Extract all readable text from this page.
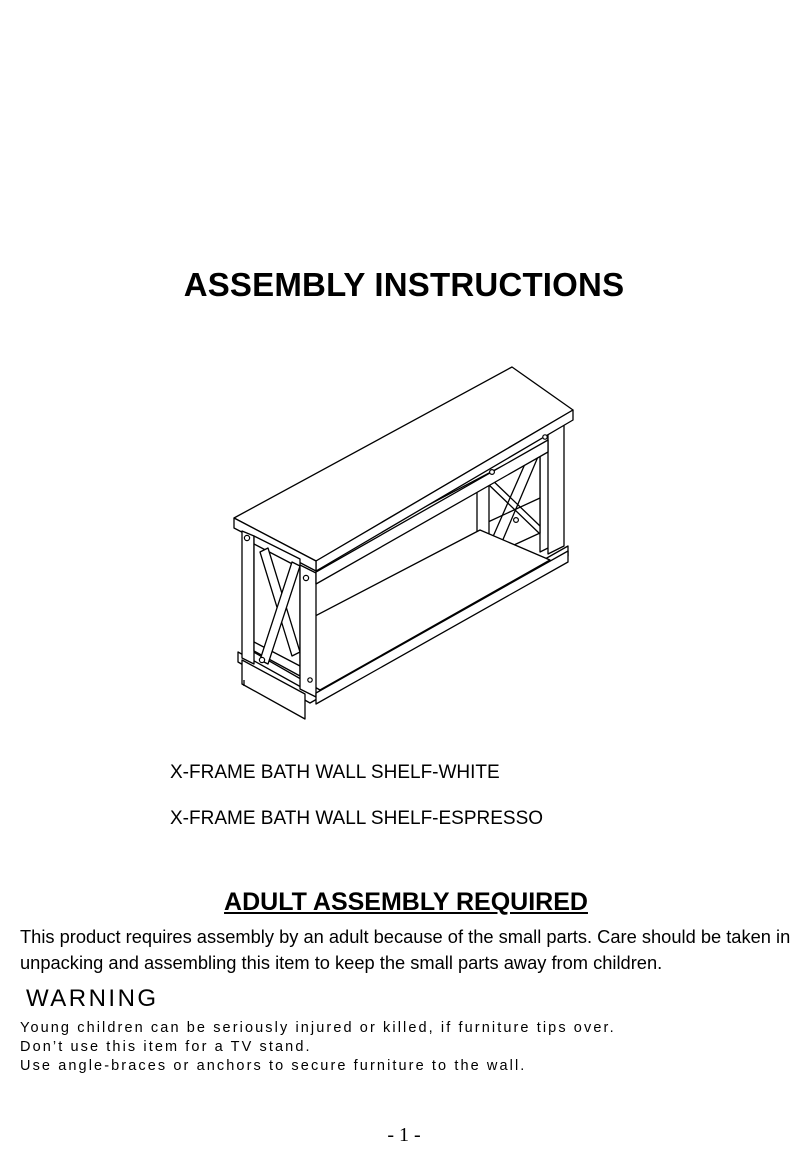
ASSEMBLY INSTRUCTIONS
X-FRAME BATH WALL SHELF-WHITE
X-FRAME BATH WALL SHELF-ESPRESSO
ADULT ASSEMBLY REQUIRED
This product requires assembly by an adult because of the small parts. Care should be taken in unpacking and assembling this item to keep the small parts away from children.
WARNING
Young children can be seriously injured or killed, if furniture tips over.
Don’t use this item for a TV stand.
Use angle-braces or anchors to secure furniture to the wall.
- 1 -
